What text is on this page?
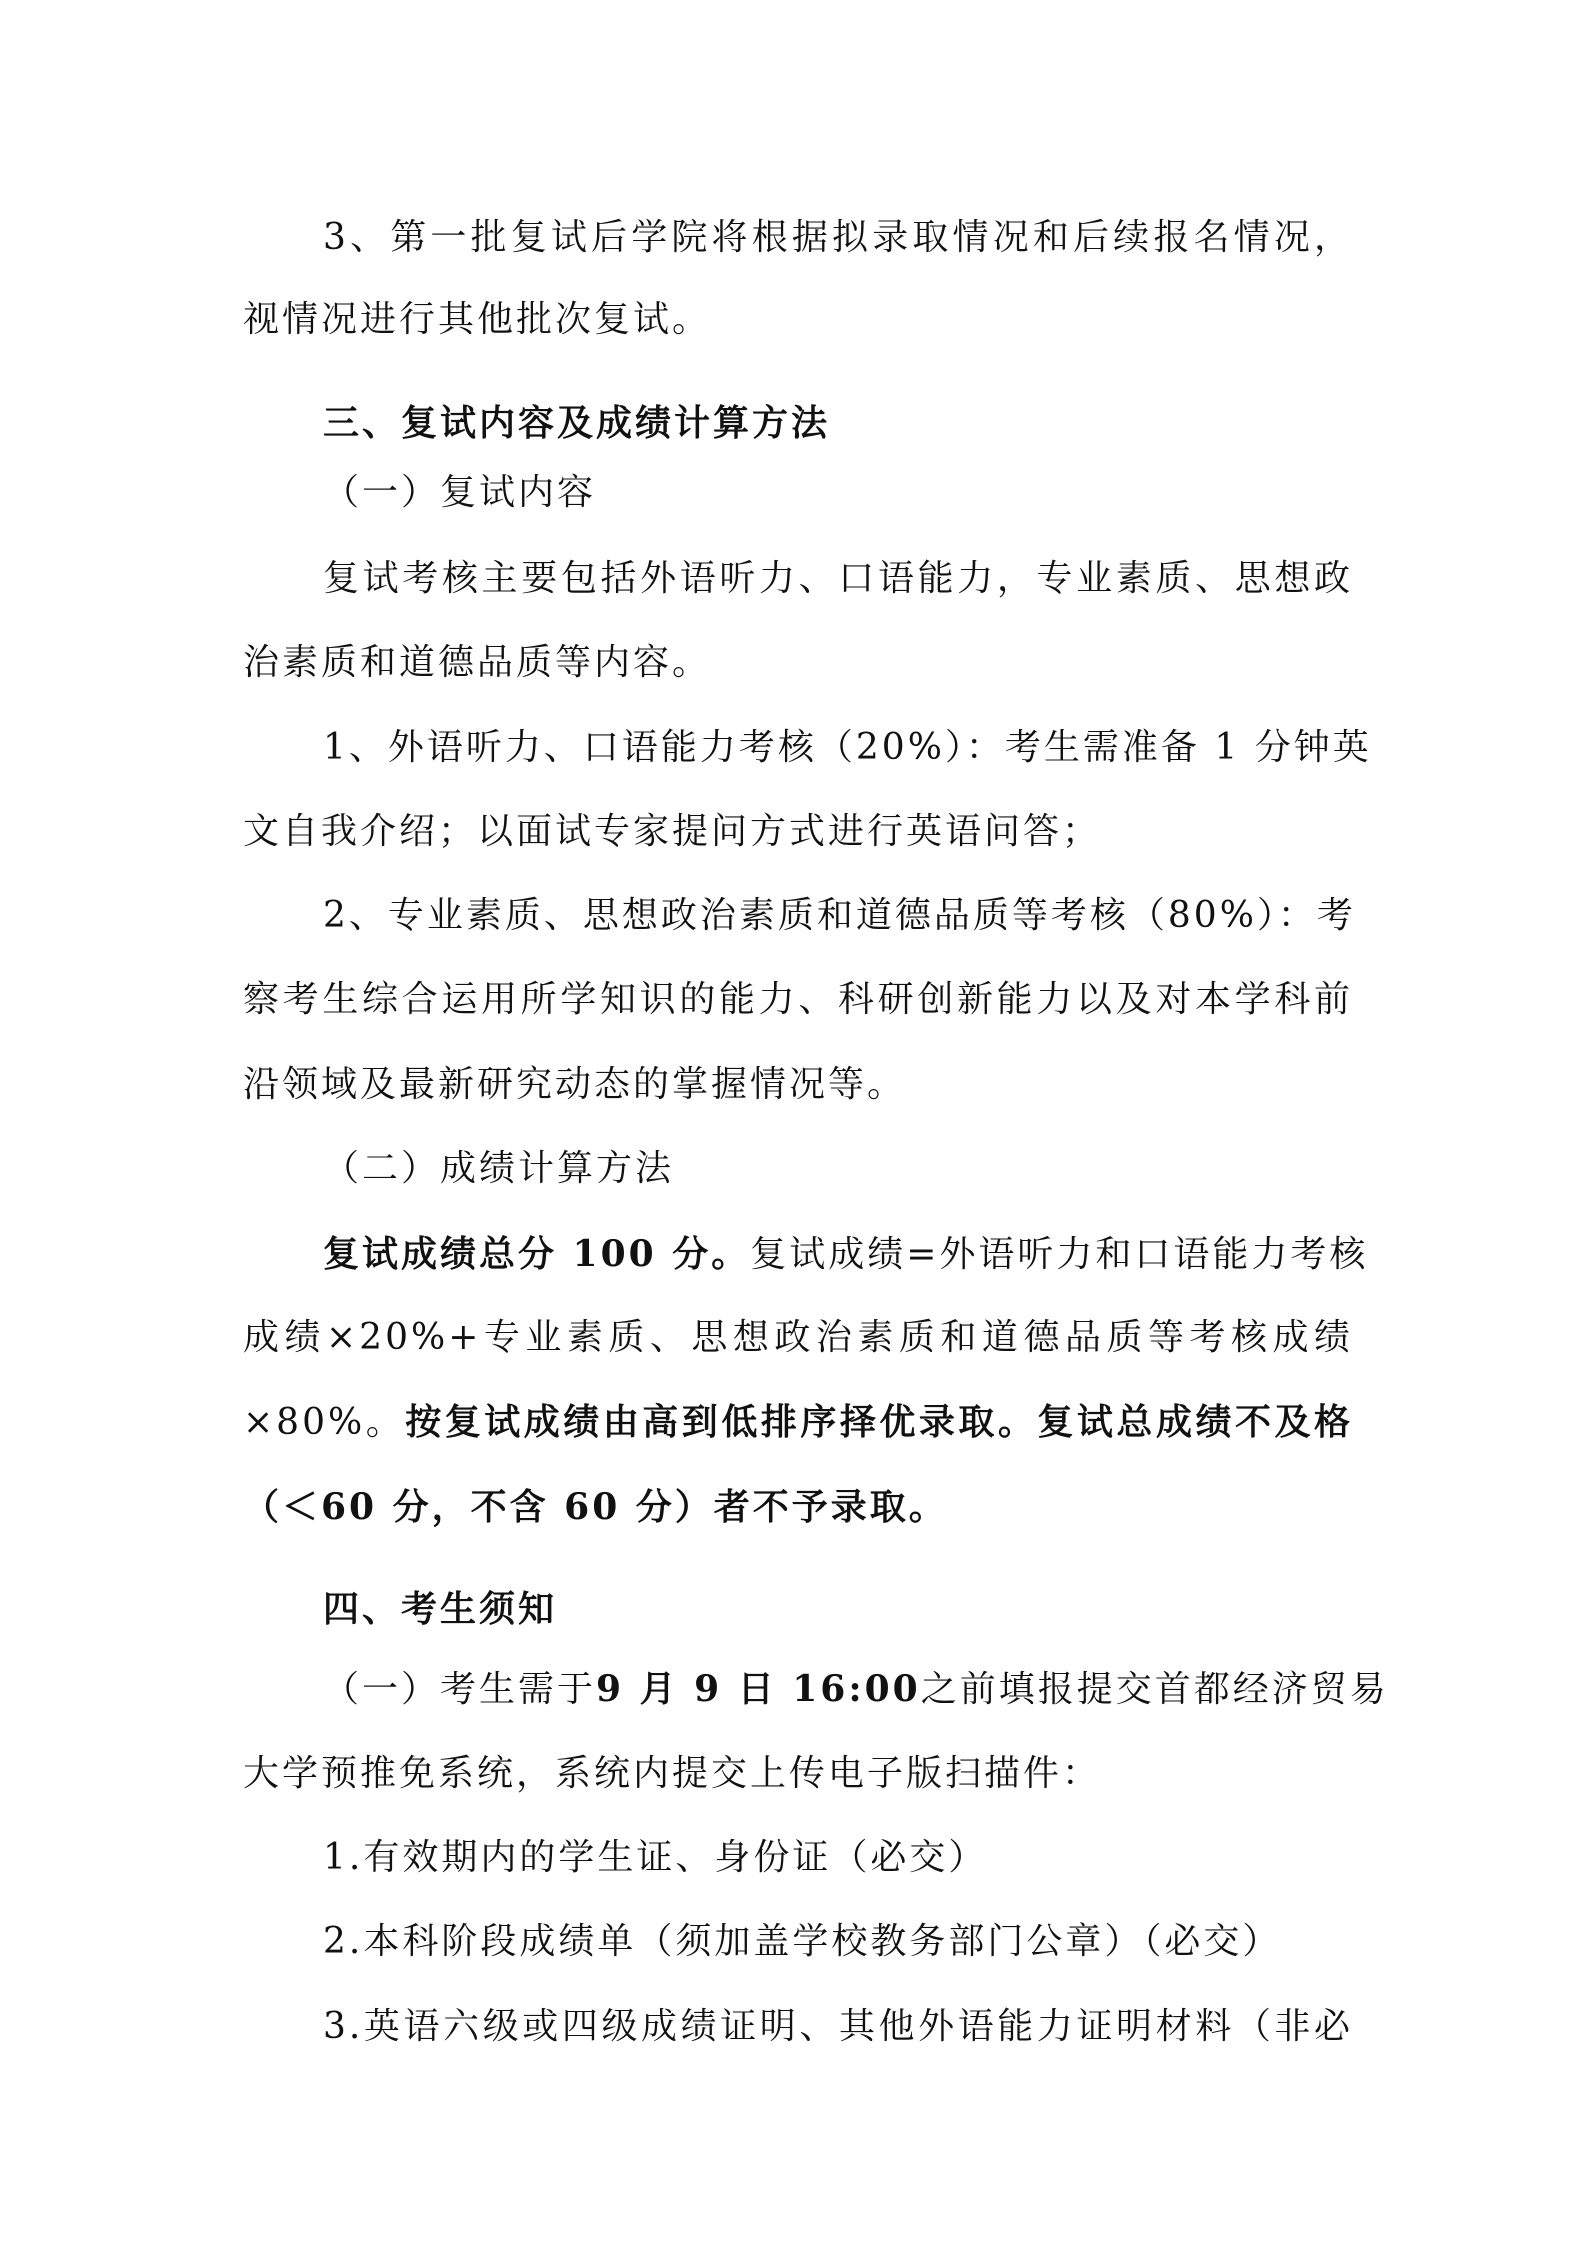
3、第一批复试后学院将根据拟录取情况和后续报名情况，
视情况进行其他批次复试。
三、复试内容及成绩计算方法
（一）复试内容
复试考核主要包括外语听力、口语能力，专业素质、思想政
治素质和道德品质等内容。
1、外语听力、口语能力考核（20%）：考生需准备 1 分钟英
文自我介绍；以面试专家提问方式进行英语问答；
2、专业素质、思想政治素质和道德品质等考核（80%）：考
察考生综合运用所学知识的能力、科研创新能力以及对本学科前
沿领域及最新研究动态的掌握情况等。
（二）成绩计算方法
复试成绩总分 100 分。复试成绩=外语听力和口语能力考核
成绩×20%+专业素质、思想政治素质和道德品质等考核成绩
×80%。按复试成绩由高到低排序择优录取。复试总成绩不及格
（＜60 分，不含 60 分）者不予录取。
四、考生须知
（一）考生需于9 月 9 日 16:00之前填报提交首都经济贸易
大学预推免系统，系统内提交上传电子版扫描件：
1.有效期内的学生证、身份证（必交）
2.本科阶段成绩单（须加盖学校教务部门公章）（必交）
3.英语六级或四级成绩证明、其他外语能力证明材料（非必
